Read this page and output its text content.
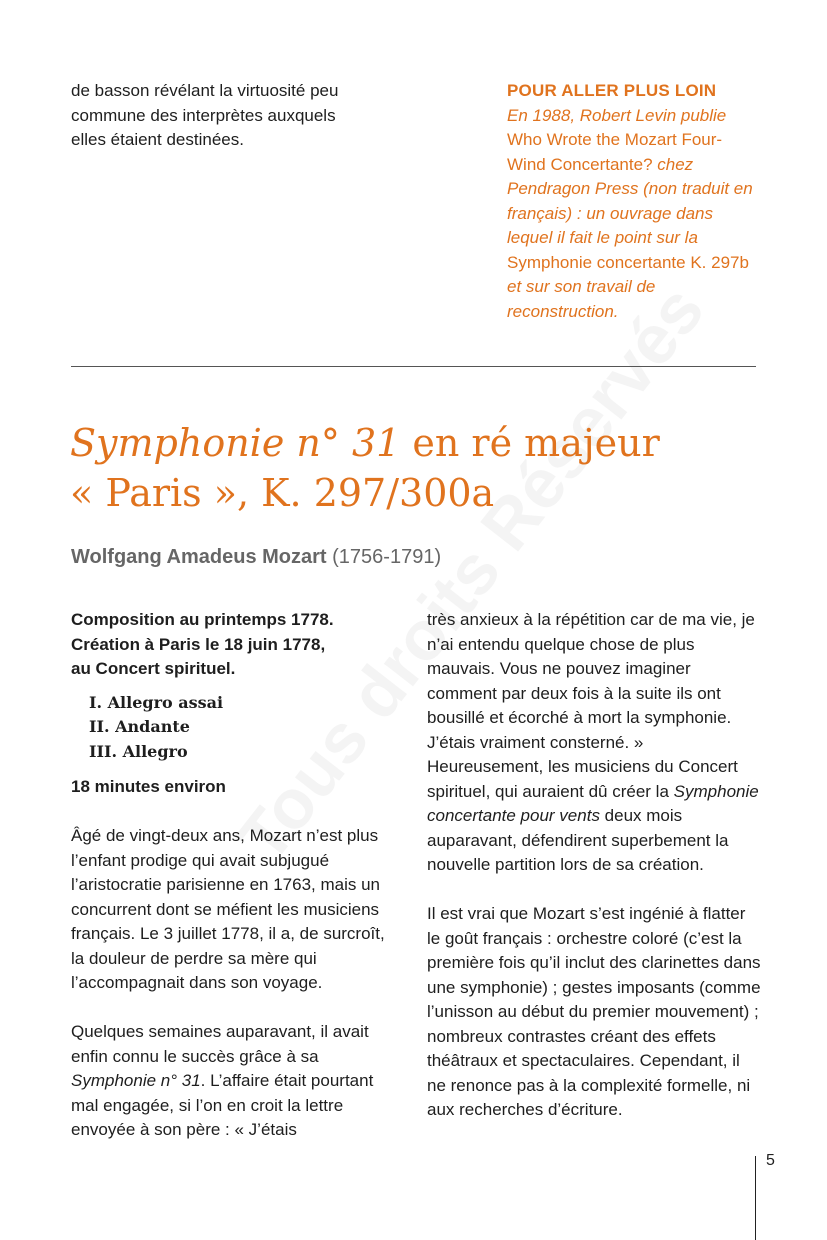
de basson révélant la virtuosité peu commune des interprètes auxquels elles étaient destinées.

POUR ALLER PLUS LOIN
En 1988, Robert Levin publie Who Wrote the Mozart Four-Wind Concertante? chez Pendragon Press (non traduit en français) : un ouvrage dans lequel il fait le point sur la Symphonie concertante K. 297b et sur son travail de reconstruction.
Symphonie n° 31 en ré majeur
« Paris », K. 297/300a
Wolfgang Amadeus Mozart (1756-1791)
Composition au printemps 1778.
Création à Paris le 18 juin 1778,
au Concert spirituel.
I. Allegro assai
II. Andante
III. Allegro
18 minutes environ

Âgé de vingt-deux ans, Mozart n’est plus l’enfant prodige qui avait subjugué l’aristocratie parisienne en 1763, mais un concurrent dont se méfient les musiciens français. Le 3 juillet 1778, il a, de surcroît, la douleur de perdre sa mère qui l’accompagnait dans son voyage.

Quelques semaines auparavant, il avait enfin connu le succès grâce à sa Symphonie n° 31. L’affaire était pourtant mal engagée, si l’on en croit la lettre envoyée à son père : « J’étais

très anxieux à la répétition car de ma vie, je n’ai entendu quelque chose de plus mauvais. Vous ne pouvez imaginer comment par deux fois à la suite ils ont bousillé et écorché à mort la symphonie. J’étais vraiment consterné. » Heureusement, les musiciens du Concert spirituel, qui auraient dû créer la Symphonie concertante pour vents deux mois auparavant, défendirent superbement la nouvelle partition lors de sa création.

Il est vrai que Mozart s’est ingénié à flatter le goût français : orchestre coloré (c’est la première fois qu’il inclut des clarinettes dans une symphonie) ; gestes imposants (comme l’unisson au début du premier mouvement) ; nombreux contrastes créant des effets théâtraux et spectaculaires. Cependant, il ne renonce pas à la complexité formelle, ni aux recherches d’écriture.

5
